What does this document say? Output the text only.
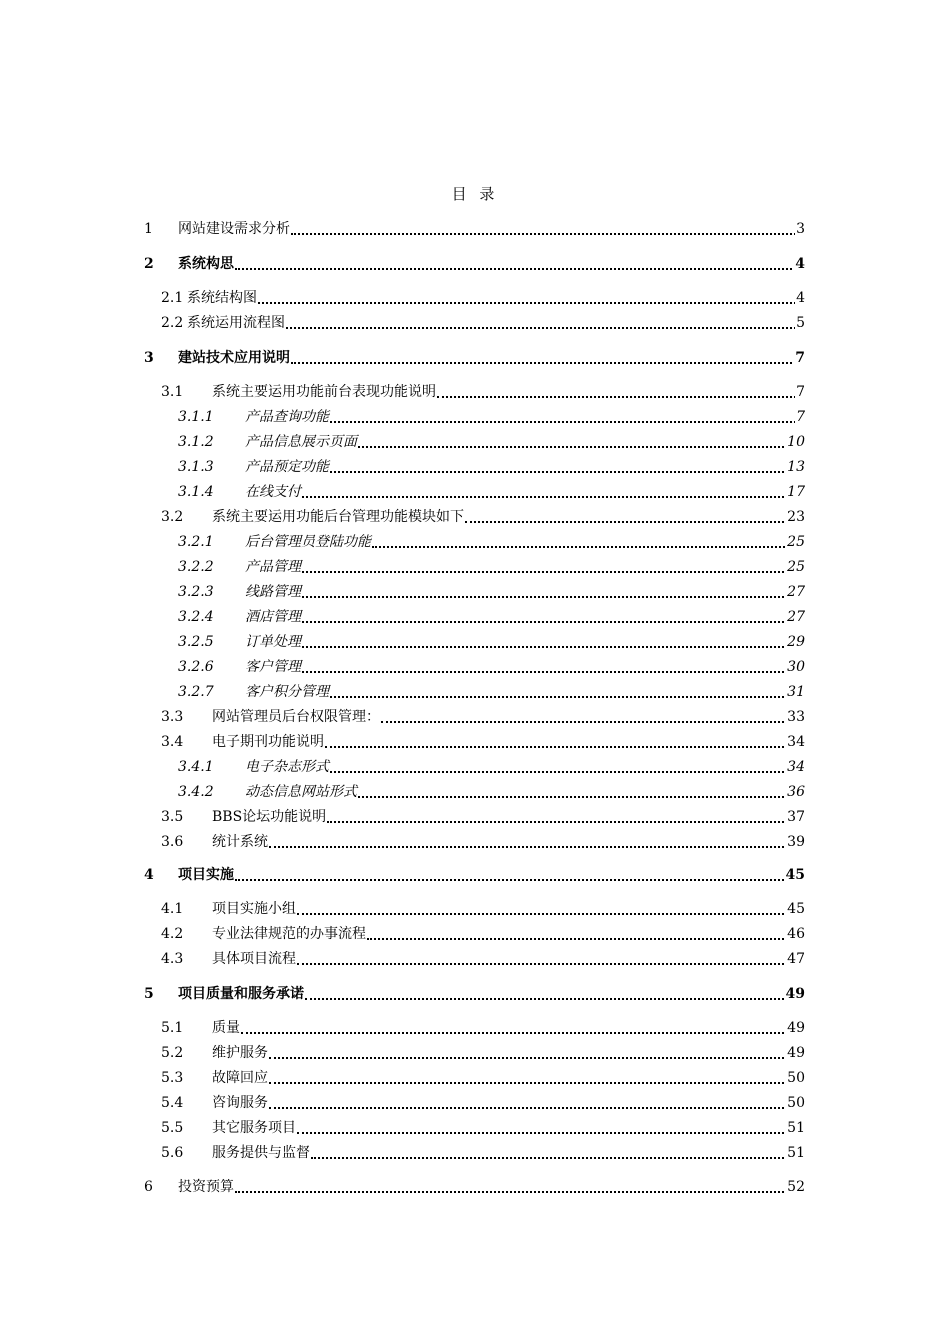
目 录
1 网站建设需求分析	3
2 系统构思	4
2.1 系统结构图	4
2.2 系统运用流程图	5
3 建站技术应用说明	7
3.1 系统主要运用功能前台表现功能说明	7
3.1.1 产品查询功能	7
3.1.2 产品信息展示页面	10
3.1.3 产品预定功能	13
3.1.4 在线支付	17
3.2 系统主要运用功能后台管理功能模块如下	23
3.2.1 后台管理员登陆功能	25
3.2.2 产品管理	25
3.2.3 线路管理	27
3.2.4 酒店管理	27
3.2.5 订单处理	29
3.2.6 客户管理	30
3.2.7 客户积分管理	31
3.3 网站管理员后台权限管理：	33
3.4 电子期刊功能说明	34
3.4.1 电子杂志形式	34
3.4.2 动态信息网站形式	36
3.5 BBS论坛功能说明	37
3.6 统计系统	39
4 项目实施	45
4.1 项目实施小组	45
4.2 专业法律规范的办事流程	46
4.3 具体项目流程	47
5 项目质量和服务承诺	49
5.1 质量	49
5.2 维护服务	49
5.3 故障回应	50
5.4 咨询服务	50
5.5 其它服务项目	51
5.6 服务提供与监督	51
6 投资预算	52
